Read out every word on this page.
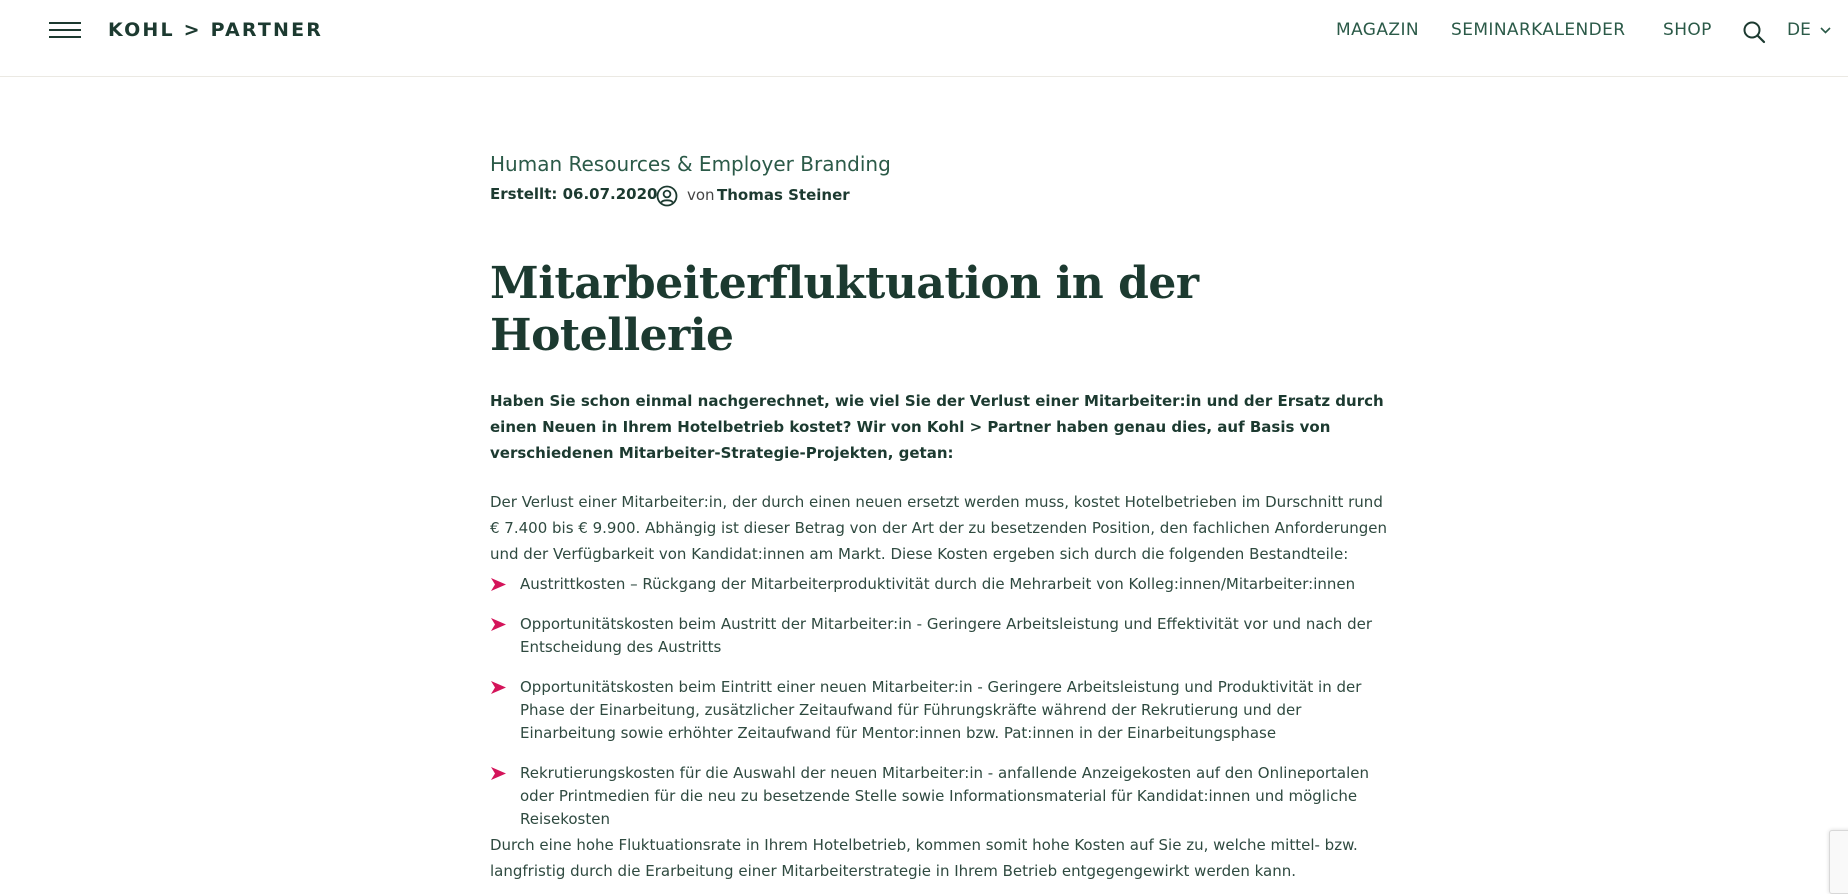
KOHL > PARTNER	MAGAZIN SEMINARKALENDER SHOP	DE
Human Resources & Employer Branding
Erstellt: 06.07.2020 von Thomas Steiner
Mitarbeiterfluktuation in der Hotellerie

Haben Sie schon einmal nachgerechnet, wie viel Sie der Verlust einer Mitarbeiter:in und der Ersatz durch einen Neuen in Ihrem Hotelbetrieb kostet? Wir von Kohl > Partner haben genau dies, auf Basis von verschiedenen Mitarbeiter-Strategie-Projekten, getan:

Der Verlust einer Mitarbeiter:in, der durch einen neuen ersetzt werden muss, kostet Hotelbetrieben im Durschnitt rund € 7.400 bis € 9.900. Abhängig ist dieser Betrag von der Art der zu besetzenden Position, den fachlichen Anforderungen und der Verfügbarkeit von Kandidat:innen am Markt. Diese Kosten ergeben sich durch die folgenden Bestandteile:

Austrittkosten – Rückgang der Mitarbeiterproduktivität durch die Mehrarbeit von Kolleg:innen/Mitarbeiter:innen
Opportunitätskosten beim Austritt der Mitarbeiter:in - Geringere Arbeitsleistung und Effektivität vor und nach der Entscheidung des Austritts
Opportunitätskosten beim Eintritt einer neuen Mitarbeiter:in - Geringere Arbeitsleistung und Produktivität in der Phase der Einarbeitung, zusätzlicher Zeitaufwand für Führungskräfte während der Rekrutierung und der Einarbeitung sowie erhöhter Zeitaufwand für Mentor:innen bzw. Pat:innen in der Einarbeitungsphase
Rekrutierungskosten für die Auswahl der neuen Mitarbeiter:in - anfallende Anzeigekosten auf den Onlineportalen oder Printmedien für die neu zu besetzende Stelle sowie Informationsmaterial für Kandidat:innen und mögliche Reisekosten

Durch eine hohe Fluktuationsrate in Ihrem Hotelbetrieb, kommen somit hohe Kosten auf Sie zu, welche mittel- bzw. langfristig durch die Erarbeitung einer Mitarbeiterstrategie in Ihrem Betrieb entgegengewirkt werden kann.
